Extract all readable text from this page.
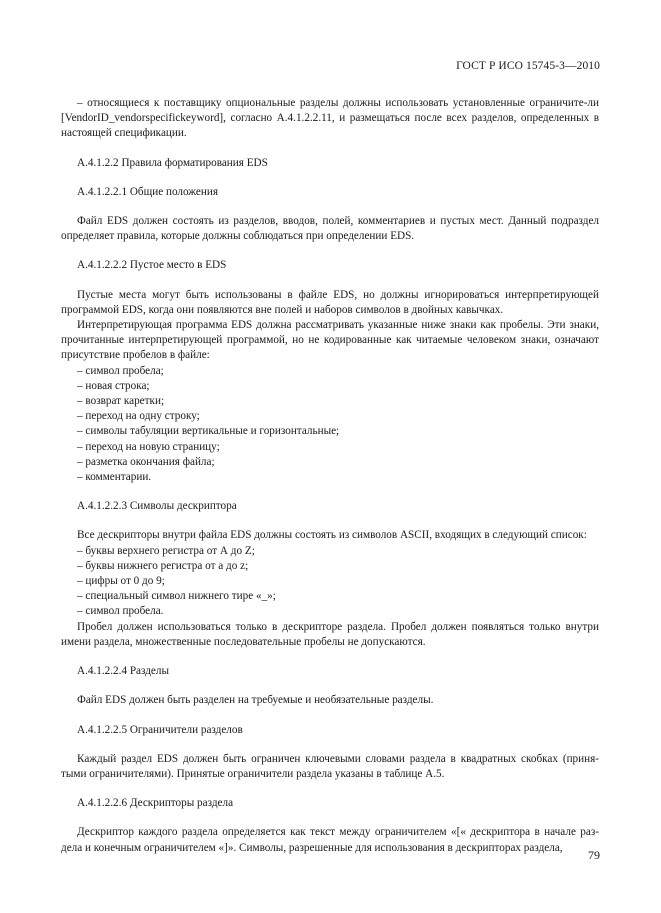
ГОСТ Р ИСО 15745-3—2010

– относящиеся к поставщику опциональные разделы должны использовать установленные ограничите-ли [VendorID_vendorspecifickeyword], согласно А.4.1.2.2.11, и размещаться после всех разделов, определенных в настоящей спецификации.

А.4.1.2.2 Правила форматирования EDS

А.4.1.2.2.1 Общие положения

Файл EDS должен состоять из разделов, вводов, полей, комментариев и пустых мест. Данный подраздел определяет правила, которые должны соблюдаться при определении EDS.

А.4.1.2.2.2 Пустое место в EDS

Пустые места могут быть использованы в файле EDS, но должны игнорироваться интерпретирующей программой EDS, когда они появляются вне полей и наборов символов в двойных кавычках.

Интерпретирующая программа EDS должна рассматривать указанные ниже знаки как пробелы. Эти знаки, прочитанные интерпретирующей программой, но не кодированные как читаемые человеком знаки, означают присутствие пробелов в файле:

– символ пробела;
– новая строка;
– возврат каретки;
– переход на одну строку;
– символы табуляции вертикальные и горизонтальные;
– переход на новую страницу;
– разметка окончания файла;
– комментарии.

А.4.1.2.2.3 Символы дескриптора

Все дескрипторы внутри файла EDS должны состоять из символов ASCII, входящих в следующий список:

– буквы верхнего регистра от А до Z;
– буквы нижнего регистра от а до z;
– цифры от 0 до 9;
– специальный символ нижнего тире «_»;
– символ пробела.

Пробел должен использоваться только в дескрипторе раздела. Пробел должен появляться только внутри имени раздела, множественные последовательные пробелы не допускаются.

А.4.1.2.2.4 Разделы

Файл EDS должен быть разделен на требуемые и необязательные разделы.

А.4.1.2.2.5 Ограничители разделов

Каждый раздел EDS должен быть ограничен ключевыми словами раздела в квадратных скобках (приня-тыми ограничителями). Принятые ограничители раздела указаны в таблице А.5.

А.4.1.2.2.6 Дескрипторы раздела

Дескриптор каждого раздела определяется как текст между ограничителем «[« дескриптора в начале раз-дела и конечным ограничителем «]». Символы, разрешенные для использования в дескрипторах раздела,

79
